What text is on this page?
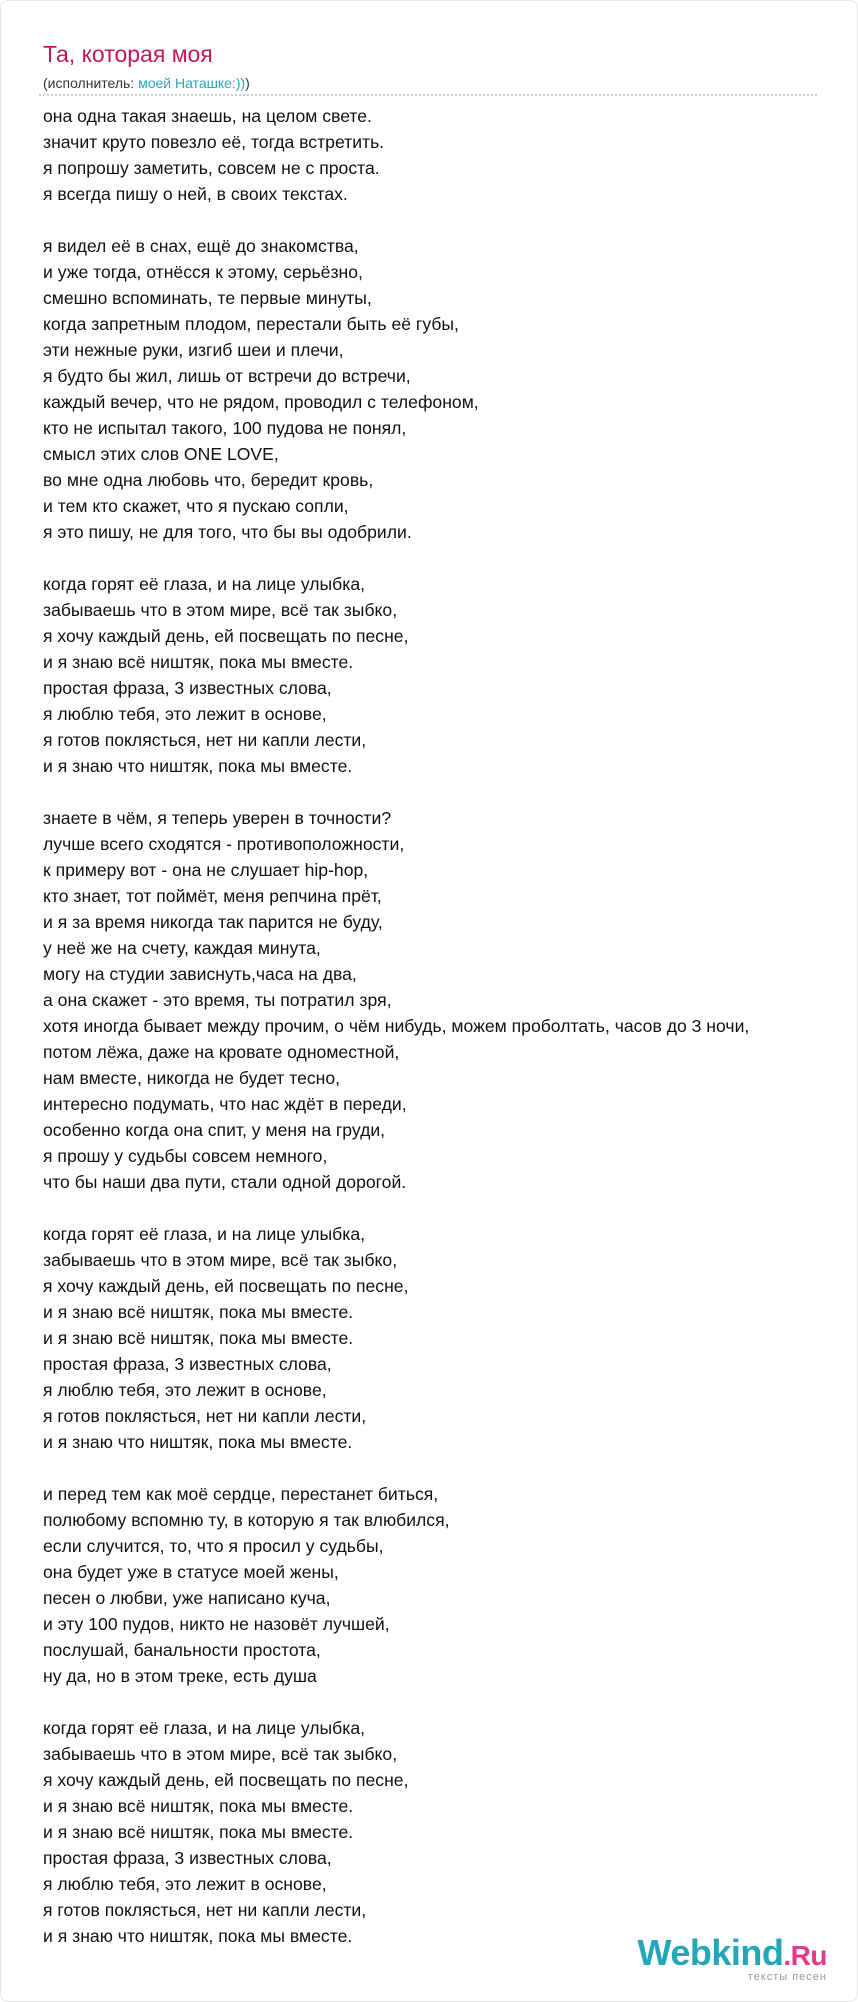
Та, которая моя
(исполнитель: моей Наташке:)))
она одна такая знаешь, на целом свете.
значит круто повезло её, тогда встретить.
я попрошу заметить, совсем не с проста.
я всегда пишу о ней, в своих текстах.
я видел её в снах, ещё до знакомства,
и уже тогда, отнёсся к этому, серьёзно,
смешно вспоминать, те первые минуты,
когда запретным плодом, перестали быть её губы,
эти нежные руки, изгиб шеи и плечи,
я будто бы жил, лишь от встречи до встречи,
каждый вечер, что не рядом, проводил с телефоном,
кто не испытал такого, 100 пудова не понял,
смысл этих слов ONE LOVE,
во мне одна любовь что, бередит кровь,
и тем кто скажет, что я пускаю сопли,
я это пишу, не для того, что бы вы одобрили.
когда горят её глаза, и на лице улыбка,
забываешь что в этом мире, всё так зыбко,
я хочу каждый день, ей посвещать по песне,
и я знаю всё ништяк, пока мы вместе.
простая фраза, 3 известных слова,
я люблю тебя, это лежит в основе,
я готов поклясться, нет ни капли лести,
и я знаю что ништяк, пока мы вместе.
знаете в чём, я теперь уверен в точности?
лучше всего сходятся - противоположности,
к примеру вот - она не слушает hip-hop,
кто знает, тот поймёт, меня репчина прёт,
и я за время никогда так парится не буду,
у неё же на счету, каждая минута,
могу на студии зависнуть,часа на два,
а она скажет - это время, ты потратил зря,
хотя иногда бывает между прочим, о чём нибудь, можем проболтать, часов до 3 ночи,
потом лёжа, даже на кровате одноместной,
нам вместе, никогда не будет тесно,
интересно подумать, что нас ждёт в переди,
особенно когда она спит, у меня на груди,
я прошу у судьбы совсем немного,
что бы наши два пути, стали одной дорогой.
когда горят её глаза, и на лице улыбка,
забываешь что в этом мире, всё так зыбко,
я хочу каждый день, ей посвещать по песне,
и я знаю всё ништяк, пока мы вместе.
и я знаю всё ништяк, пока мы вместе.
простая фраза, 3 известных слова,
я люблю тебя, это лежит в основе,
я готов поклясться, нет ни капли лести,
и я знаю что ништяк, пока мы вместе.
и перед тем как моё сердце, перестанет биться,
полюбому вспомню ту, в которую я так влюбился,
если случится, то, что я просил у судьбы,
она будет уже в статусе моей жены,
песен о любви, уже написано куча,
и эту 100 пудов, никто не назовёт лучшей,
послушай, банальности простота,
ну да, но в этом треке, есть душа
когда горят её глаза, и на лице улыбка,
забываешь что в этом мире, всё так зыбко,
я хочу каждый день, ей посвещать по песне,
и я знаю всё ништяк, пока мы вместе.
и я знаю всё ништяк, пока мы вместе.
простая фраза, 3 известных слова,
я люблю тебя, это лежит в основе,
я готов поклясться, нет ни капли лести,
и я знаю что ништяк, пока мы вместе.	Webkind.Ru
тексты песен
